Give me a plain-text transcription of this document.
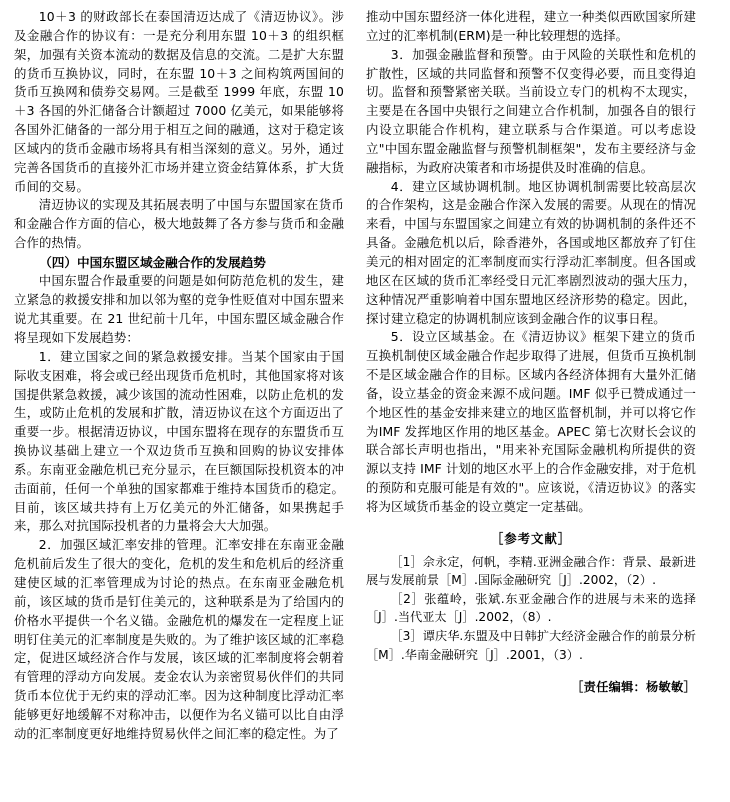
10＋3 的财政部长在泰国清迈达成了《清迈协议》。涉及金融合作的协议有：一是充分利用东盟 10＋3 的组织框架，加强有关资本流动的数据及信息的交流。二是扩大东盟的货币互换协议，同时，在东盟 10＋3 之间构筑两国间的货币互换网和债券交易网。三是截至 1999 年底，东盟 10＋3 各国的外汇储备合计额超过 7000 亿美元，如果能够将各国外汇储备的一部分用于相互之间的融通，这对于稳定该区域内的货币金融市场将具有相当深刻的意义。另外，通过完善各国货币的直接外汇市场并建立资金结算体系，扩大货币间的交易。

清迈协议的实现及其拓展表明了中国与东盟国家在货币和金融合作方面的信心，极大地鼓舞了各方参与货币和金融合作的热情。

（四）中国东盟区域金融合作的发展趋势

中国东盟合作最重要的问题是如何防范危机的发生，建立紧急的救援安排和加以邻为壑的竞争性贬值对中国东盟来说尤其重要。在 21 世纪前十几年，中国东盟区域金融合作将呈现如下发展趋势：

1．建立国家之间的紧急救援安排。当某个国家由于国际收支困难，将会或已经出现货币危机时，其他国家将对该国提供紧急救援，减少该国的流动性困难，以防止危机的发生，或防止危机的发展和扩散，清迈协议在这个方面迈出了重要一步。根据清迈协议，中国东盟将在现存的东盟货币互换协议基础上建立一个双边货币互换和回购的协议安排体系。东南亚金融危机已充分显示，在巨额国际投机资本的冲击面前，任何一个单独的国家都难于维持本国货币的稳定。目前，该区域共持有上万亿美元的外汇储备，如果携起手来，那么对抗国际投机者的力量将会大大加强。

2．加强区域汇率安排的管理。汇率安排在东南亚金融危机前后发生了很大的变化，危机的发生和危机后的经济重建使区域的汇率管理成为讨论的热点。在东南亚金融危机前，该区域的货币是钉住美元的，这种联系是为了给国内的价格水平提供一个名义锚。金融危机的爆发在一定程度上证明钉住美元的汇率制度是失败的。为了维护该区域的汇率稳定，促进区域经济合作与发展，该区域的汇率制度将会朝着有管理的浮动方向发展。麦金农认为亲密贸易伙伴们的共同货币本位优于无约束的浮动汇率。因为这种制度比浮动汇率能够更好地缓解不对称冲击，以便作为名义锚可以比自由浮动的汇率制度更好地维持贸易伙伴之间汇率的稳定性。为了

推动中国东盟经济一体化进程，建立一种类似西欧国家所建立过的汇率机制(ERM)是一种比较理想的选择。

3．加强金融监督和预警。由于风险的关联性和危机的扩散性，区域的共同监督和预警不仅变得必要，而且变得迫切。监督和预警紧密关联。当前设立专门的机构不太现实，主要是在各国中央银行之间建立合作机制，加强各自的银行内设立职能合作机构，建立联系与合作渠道。可以考虑设立"中国东盟金融监督与预警机制框架"，发布主要经济与金融指标，为政府决策者和市场提供及时准确的信息。

4．建立区域协调机制。地区协调机制需要比较高层次的合作架构，这是金融合作深入发展的需要。从现在的情况来看，中国与东盟国家之间建立有效的协调机制的条件还不具备。金融危机以后，除香港外，各国或地区都放弃了钉住美元的相对固定的汇率制度而实行浮动汇率制度。但各国或地区在区域的货币汇率经受日元汇率剧烈波动的强大压力，这种情况严重影响着中国东盟地区经济形势的稳定。因此，探讨建立稳定的协调机制应该到金融合作的议事日程。

5．设立区域基金。在《清迈协议》框架下建立的货币互换机制使区域金融合作起步取得了进展，但货币互换机制不是区域金融合作的目标。区域内各经济体拥有大量外汇储备，设立基金的资金来源不成问题。IMF 似乎已赞成通过一个地区性的基金安排来建立的地区监督机制，并可以将它作为IMF 发挥地区作用的地区基金。APEC 第七次财长会议的联合部长声明也指出，"用来补充国际金融机构所提供的资源以支持 IMF 计划的地区水平上的合作金融安排，对于危机的预防和克服可能是有效的"。应该说，《清迈协议》的落实将为区域货币基金的设立奠定一定基础。

［参考文献］
［1］佘永定，何帆，李精.亚洲金融合作：背景、最新进展与发展前景［M］.国际金融研究［J］.2002，（2）.
［2］张蕴岭，张斌.东亚金融合作的进展与未来的选择［J］.当代亚太［J］.2002，（8）.
［3］谭庆华.东盟及中日韩扩大经济金融合作的前景分析［M］.华南金融研究［J］.2001，（3）.
［责任编辑：杨敏敏］
